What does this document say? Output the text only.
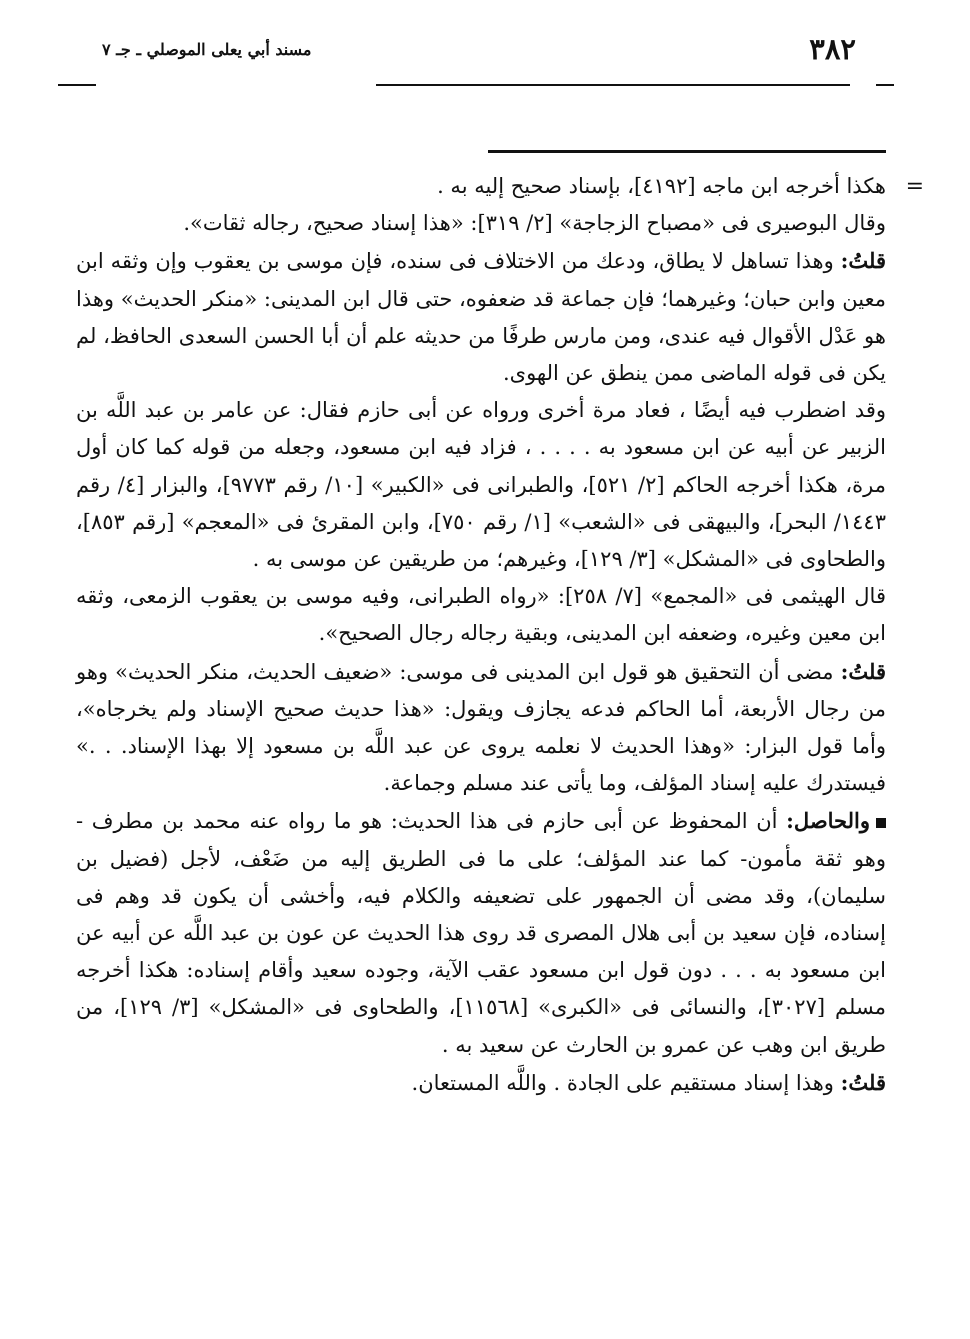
٣٨٢
مسند أبي يعلى الموصلي ـ جـ ٧

=
هكذا أخرجه ابن ماجه [٤١٩٢]، بإسناد صحيح إليه به .

وقال البوصيرى فى «مصباح الزجاجة» [٢/ ٣١٩]: «هذا إسناد صحيح، رجاله ثقات».

قلتُ: وهذا تساهل لا يطاق، ودعك من الاختلاف فى سنده، فإن موسى بن يعقوب وإن وثقه ابن معين وابن حبان؛ وغيرهما؛ فإن جماعة قد ضعفوه، حتى قال ابن المدينى: «منكر الحديث» وهذا هو عَدْل الأقوال فيه عندى، ومن مارس طرفًا من حديثه علم أن أبا الحسن السعدى الحافظ، لم يكن فى قوله الماضى ممن ينطق عن الهوى.

وقد اضطرب فيه أيضًا ، فعاد مرة أخرى ورواه عن أبى حازم فقال: عن عامر بن عبد اللَّه بن الزبير عن أبيه عن ابن مسعود به . . . . ، فزاد فيه ابن مسعود، وجعله من قوله كما كان أول مرة، هكذا أخرجه الحاكم [٢/ ٥٢١]، والطبرانى فى «الكبير» [١٠/ رقم ٩٧٧٣]، والبزار [٤/ رقم ١٤٤٣/ البحر]، والبيهقى فى «الشعب» [١/ رقم ٧٥٠]، وابن المقرئ فى «المعجم» [رقم ٨٥٣]، والطحاوى فى «المشكل» [٣/ ١٢٩]، وغيرهم؛ من طريقين عن موسى به .

قال الهيثمى فى «المجمع» [٧/ ٢٥٨]: «رواه الطبرانى، وفيه موسى بن يعقوب الزمعى، وثقه ابن معين وغيره، وضعفه ابن المدينى، وبقية رجاله رجال الصحيح».

قلتُ: مضى أن التحقيق هو قول ابن المدينى فى موسى: «ضعيف الحديث، منكر الحديث» وهو من رجال الأربعة، أما الحاكم فدعه يجازف ويقول: «هذا حديث صحيح الإسناد ولم يخرجاه»، وأما قول البزار: «وهذا الحديث لا نعلمه يروى عن عبد اللَّه بن مسعود إلا بهذا الإسناد. . .» فيستدرك عليه إسناد المؤلف، وما يأتى عند مسلم وجماعة.

والحاصل: أن المحفوظ عن أبى حازم فى هذا الحديث: هو ما رواه عنه محمد بن مطرف - وهو ثقة مأمون- كما عند المؤلف؛ على ما فى الطريق إليه من ضَعْف، لأجل (فضيل بن سليمان)، وقد مضى أن الجمهور على تضعيفه والكلام فيه، وأخشى أن يكون قد وهم فى إسناده، فإن سعيد بن أبى هلال المصرى قد روى هذا الحديث عن عون بن عبد اللَّه عن أبيه عن ابن مسعود به . . . دون قول ابن مسعود عقب الآية، وجوده سعيد وأقام إسناده: هكذا أخرجه مسلم [٣٠٢٧]، والنسائى فى «الكبرى» [١١٥٦٨]، والطحاوى فى «المشكل» [٣/ ١٢٩]، من طريق ابن وهب عن عمرو بن الحارث عن سعيد به .

قلتُ: وهذا إسناد مستقيم على الجادة . واللَّه المستعان.
